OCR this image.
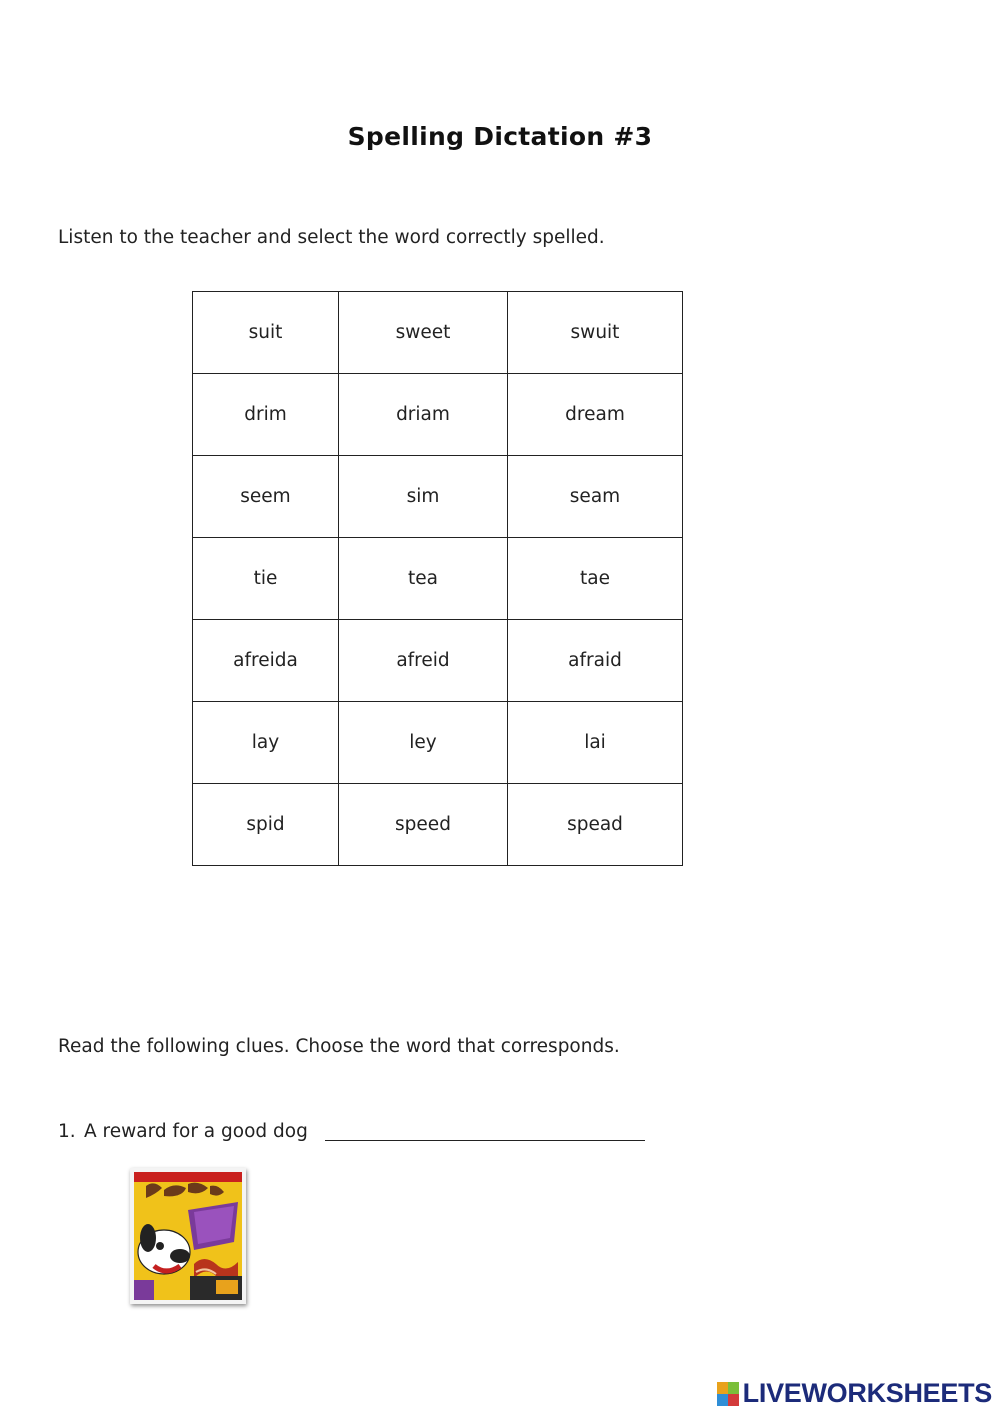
Spelling Dictation #3
Listen to the teacher and select the word correctly spelled.
suit	sweet	swuit
drim	driam	dream
seem	sim	seam
tie	tea	tae
afreida	afreid	afraid
lay	ley	lai
spid	speed	spead
Read the following clues. Choose the word that corresponds.
1. A reward for a good dog
LIVEWORKSHEETS
